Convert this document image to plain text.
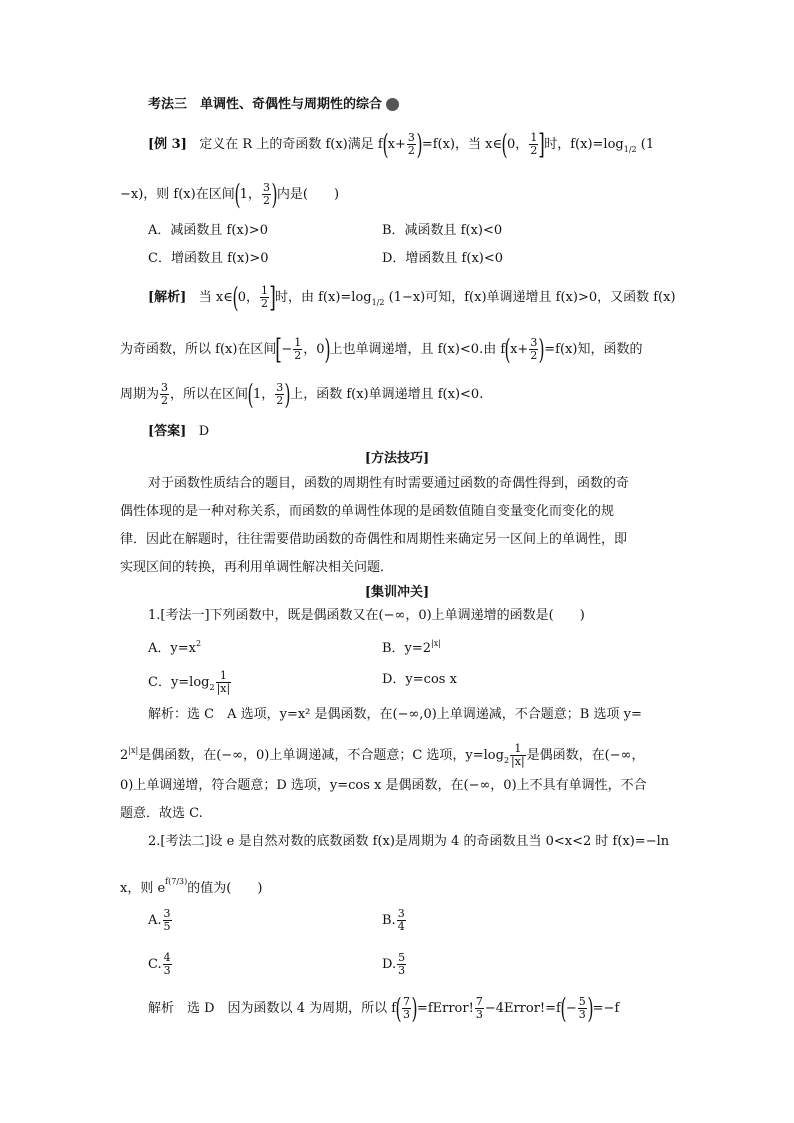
考法三　单调性、奇偶性与周期性的综合
[例 3] 定义在 R 上的奇函数 f(x)满足 $f(x+ \frac{3}{2} )=f(x)$，当 x∈(0， $\frac{1}{2}$ ]时，$f(x)=\log_{1/2}$ (1
−x)，则 f(x)在区间(1， $\frac{3}{2}$ )内是(　　)
A．减函数且 f(x)>0	B．减函数且 f(x)<0
C．增函数且 f(x)>0	D．增函数且 f(x)<0
[解析] 当 x∈(0， $\frac{1}{2}$ ]时，由 $f(x)=\log_{1/2}$ (1−x)可知，f(x)单调递增且 f(x)>0，又函数 f(x)
为奇函数，所以 f(x)在区间[− $\frac{1}{2}$ ，0)上也单调递增，且 f(x)<0.由 $f(x+ \frac{3}{2} )=f(x)$知，函数的
周期为 $\frac{3}{2}$ ，所以在区间(1， $\frac{3}{2}$ )上，函数 f(x)单调递增且 f(x)<0.
[答案] D
[方法技巧]
对于函数性质结合的题目，函数的周期性有时需要通过函数的奇偶性得到，函数的奇
偶性体现的是一种对称关系，而函数的单调性体现的是函数值随自变量变化而变化的规
律．因此在解题时，往往需要借助函数的奇偶性和周期性来确定另一区间上的单调性，即
实现区间的转换，再利用单调性解决相关问题．
[集训冲关]
1.[考法一]下列函数中，既是偶函数又在(−∞，0)上单调递增的函数是(　　)
A．$y=x^2$	B．$y=2^{|x|}$
C．$y=\log_2 \frac{1}{|x|}$	D．y=cos x
解析：选 C　A 选项，y=x² 是偶函数，在(−∞,0)上单调递减，不合题意；B 选项 y=
$2^{|x|}$是偶函数，在(−∞，0)上单调递减，不合题意；C 选项，$y=\log_2 \frac{1}{|x|}$ 是偶函数，在(−∞，
0)上单调递增，符合题意；D 选项，y=cos x 是偶函数，在(−∞，0)上不具有单调性，不合
题意．故选 C.
2.[考法二]设 e 是自然对数的底数函数 f(x)是周期为 4 的奇函数且当 0<x<2 时 f(x)=−ln
x，则 $e^{f(7/3)}$的值为(　　)
A. $\frac{3}{5}$	B. $\frac{3}{4}$
C. $\frac{4}{3}$	D. $\frac{5}{3}$
解析　选 D　因为函数以 4 为周期，所以 $f( \frac{7}{3}$ )=fError! $\frac{7}{3}$ −4Error!=f(− $\frac{5}{3} )=-f$
